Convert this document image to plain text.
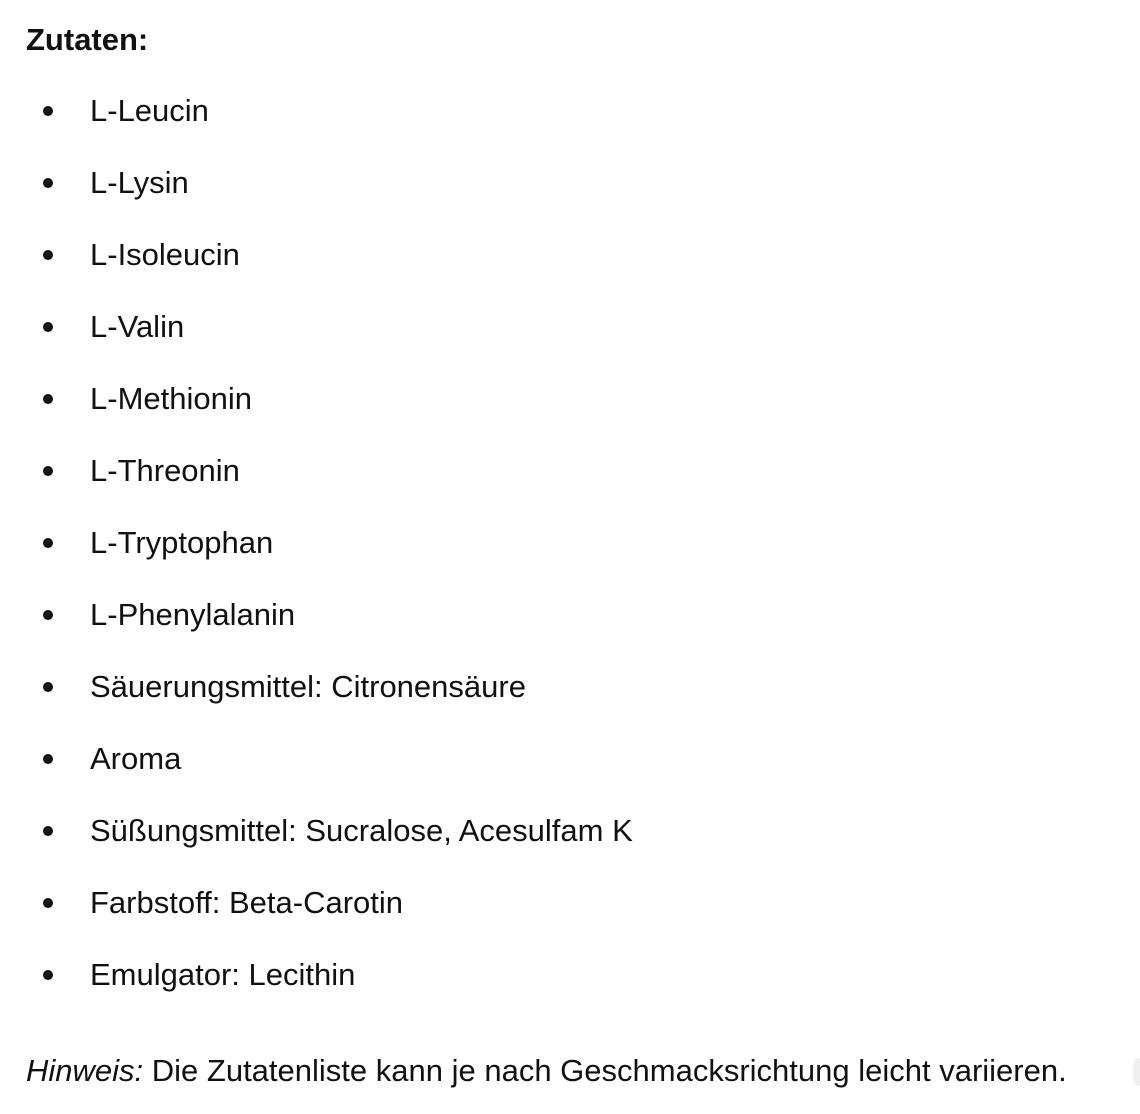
Zutaten:
L-Leucin
L-Lysin
L-Isoleucin
L-Valin
L-Methionin
L-Threonin
L-Tryptophan
L-Phenylalanin
Säuerungsmittel: Citronensäure
Aroma
Süßungsmittel: Sucralose, Acesulfam K
Farbstoff: Beta-Carotin
Emulgator: Lecithin

Hinweis: Die Zutatenliste kann je nach Geschmacksrichtung leicht variieren.
